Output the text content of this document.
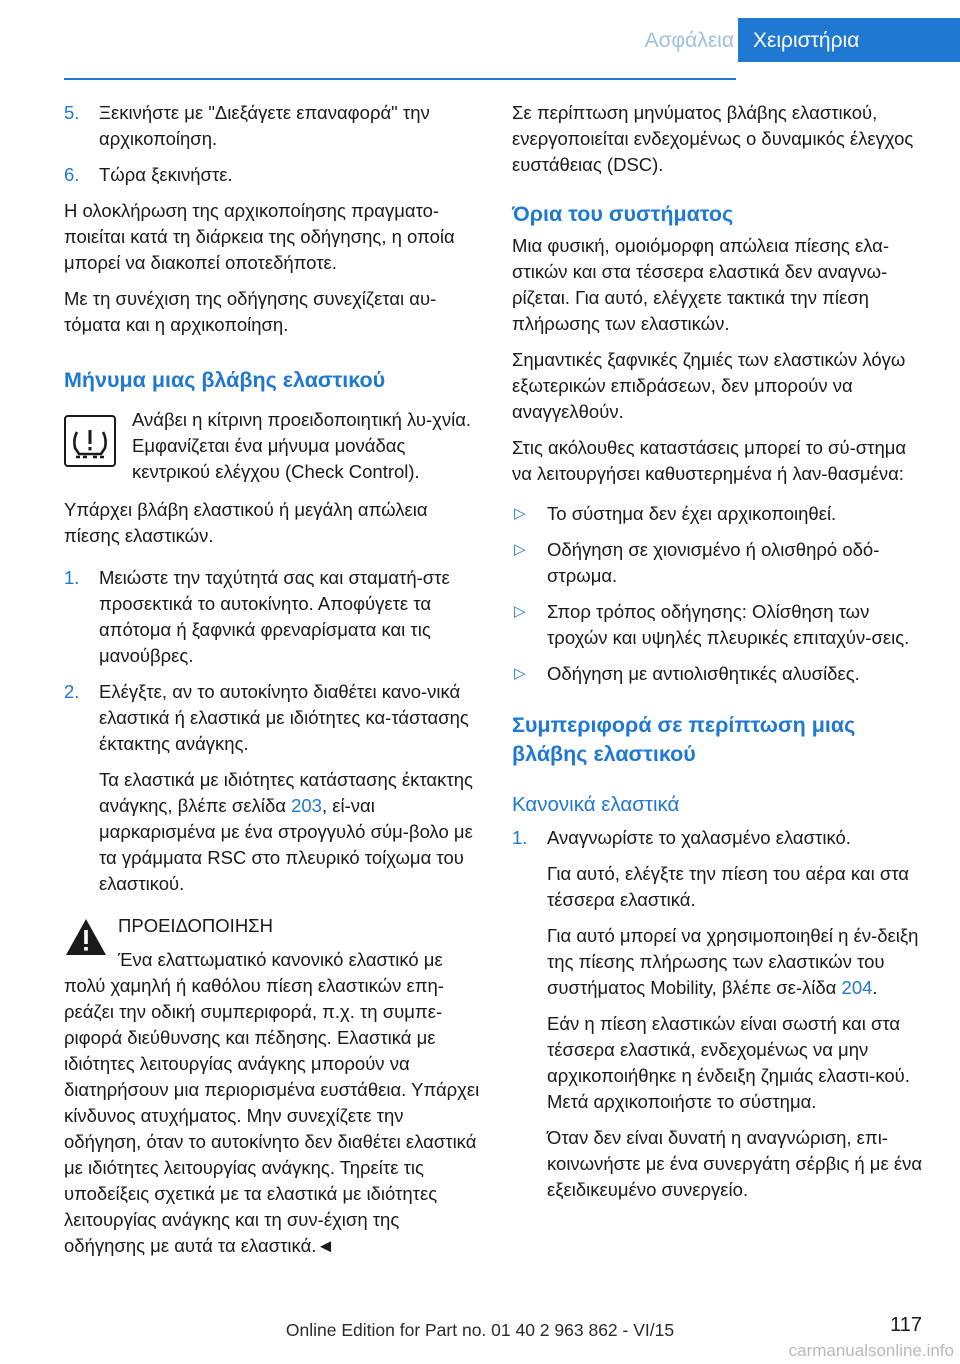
Ασφάλεια Χειριστήρια
5. Ξεκινήστε με "Διεξάγετε επαναφορά" την αρχικοποίηση.
6. Τώρα ξεκινήστε.

Η ολοκλήρωση της αρχικοποίησης πραγματο-ποιείται κατά τη διάρκεια της οδήγησης, η οποία μπορεί να διακοπεί οποτεδήποτε.

Με τη συνέχιση της οδήγησης συνεχίζεται αυ-τόματα και η αρχικοποίηση.

Μήνυμα μιας βλάβης ελαστικού
Ανάβει η κίτρινη προειδοποιητική λυ-χνία. Εμφανίζεται ένα μήνυμα μονάδας κεντρικού ελέγχου (Check Control).

Υπάρχει βλάβη ελαστικού ή μεγάλη απώλεια πίεσης ελαστικών.

1. Μειώστε την ταχύτητά σας και σταματή-στε προσεκτικά το αυτοκίνητο. Αποφύγετε τα απότομα ή ξαφνικά φρεναρίσματα και τις μανούβρες.
2. Ελέγξτε, αν το αυτοκίνητο διαθέτει κανο-νικά ελαστικά ή ελαστικά με ιδιότητες κα-τάστασης έκτακτης ανάγκης.

Τα ελαστικά με ιδιότητες κατάστασης έκτακτης ανάγκης, βλέπε σελίδα 203, εί-ναι μαρκαρισμένα με ένα στρογγυλό σύμ-βολο με τα γράμματα RSC στο πλευρικό τοίχωμα του ελαστικού.

ΠΡΟΕΙΔΟΠΟΙΗΣΗ
Ένα ελαττωματικό κανονικό ελαστικό με
πολύ χαμηλή ή καθόλου πίεση ελαστικών επη-ρεάζει την οδική συμπεριφορά, π.χ. τη συμπε-ριφορά διεύθυνσης και πέδησης. Ελαστικά με ιδιότητες λειτουργίας ανάγκης μπορούν να διατηρήσουν μια περιορισμένα ευστάθεια. Υπάρχει κίνδυνος ατυχήματος. Μην συνεχίζετε την οδήγηση, όταν το αυτοκίνητο δεν διαθέτει ελαστικά με ιδιότητες λειτουργίας ανάγκης. Τηρείτε τις υποδείξεις σχετικά με τα ελαστικά με ιδιότητες λειτουργίας ανάγκης και τη συν-έχιση της οδήγησης με αυτά τα ελαστικά.◄

Σε περίπτωση μηνύματος βλάβης ελαστικού, ενεργοποιείται ενδεχομένως ο δυναμικός έλεγχος ευστάθειας (DSC).

Όρια του συστήματος

Μια φυσική, ομοιόμορφη απώλεια πίεσης ελα-στικών και στα τέσσερα ελαστικά δεν αναγνω-ρίζεται. Για αυτό, ελέγχετε τακτικά την πίεση πλήρωσης των ελαστικών.

Σημαντικές ξαφνικές ζημιές των ελαστικών λόγω εξωτερικών επιδράσεων, δεν μπορούν να αναγγελθούν.

Στις ακόλουθες καταστάσεις μπορεί το σύ-στημα να λειτουργήσει καθυστερημένα ή λαν-θασμένα:

▷ Το σύστημα δεν έχει αρχικοποιηθεί.
▷ Οδήγηση σε χιονισμένο ή ολισθηρό οδό-στρωμα.
▷ Σπορ τρόπος οδήγησης: Ολίσθηση των τροχών και υψηλές πλευρικές επιταχύν-σεις.
▷ Οδήγηση με αντιολισθητικές αλυσίδες.
Συμπεριφορά σε περίπτωση μιας βλάβης ελαστικού
Κανονικά ελαστικά
1. Αναγνωρίστε το χαλασμένο ελαστικό.

Για αυτό, ελέγξτε την πίεση του αέρα και στα τέσσερα ελαστικά.

Για αυτό μπορεί να χρησιμοποιηθεί η έν-δειξη της πίεσης πλήρωσης των ελαστικών του συστήματος Mobility, βλέπε σε-λίδα 204.

Εάν η πίεση ελαστικών είναι σωστή και στα τέσσερα ελαστικά, ενδεχομένως να μην αρχικοποιήθηκε η ένδειξη ζημιάς ελαστι-κού. Μετά αρχικοποιήστε το σύστημα.

Όταν δεν είναι δυνατή η αναγνώριση, επι-κοινωνήστε με ένα συνεργάτη σέρβις ή με ένα εξειδικευμένο συνεργείο.

117
Online Edition for Part no. 01 40 2 963 862 - VI/15
carmanualsonline.info
